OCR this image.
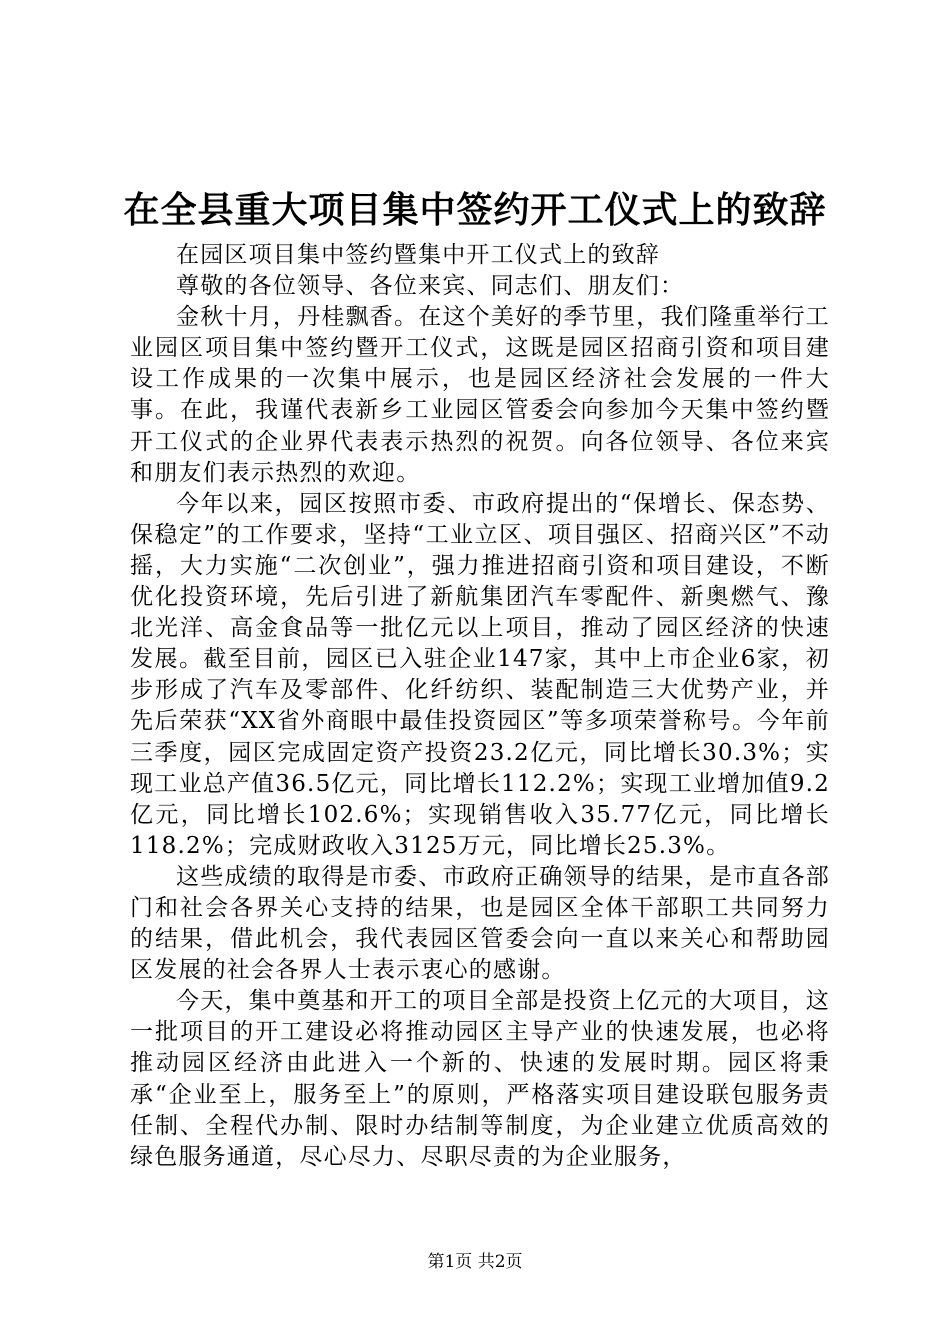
在全县重大项目集中签约开工仪式上的致辞

在园区项目集中签约暨集中开工仪式上的致辞

尊敬的各位领导、各位来宾、同志们、朋友们：

金秋十月，丹桂飘香。在这个美好的季节里，我们隆重举行工业园区项目集中签约暨开工仪式，这既是园区招商引资和项目建设工作成果的一次集中展示，也是园区经济社会发展的一件大事。在此，我谨代表新乡工业园区管委会向参加今天集中签约暨开工仪式的企业界代表表示热烈的祝贺。向各位领导、各位来宾和朋友们表示热烈的欢迎。

今年以来，园区按照市委、市政府提出的“保增长、保态势、保稳定”的工作要求，坚持“工业立区、项目强区、招商兴区”不动摇，大力实施“二次创业”，强力推进招商引资和项目建设，不断优化投资环境，先后引进了新航集团汽车零配件、新奥燃气、豫北光洋、高金食品等一批亿元以上项目，推动了园区经济的快速发展。截至目前，园区已入驻企业147家，其中上市企业6家，初步形成了汽车及零部件、化纤纺织、装配制造三大优势产业，并先后荣获“XX省外商眼中最佳投资园区”等多项荣誉称号。今年前三季度，园区完成固定资产投资23.2亿元，同比增长30.3%；实现工业总产值36.5亿元，同比增长112.2%；实现工业增加值9.2亿元，同比增长102.6%；实现销售收入35.77亿元，同比增长118.2%；完成财政收入3125万元，同比增长25.3%。

这些成绩的取得是市委、市政府正确领导的结果，是市直各部门和社会各界关心支持的结果，也是园区全体干部职工共同努力的结果，借此机会，我代表园区管委会向一直以来关心和帮助园区发展的社会各界人士表示衷心的感谢。

今天，集中奠基和开工的项目全部是投资上亿元的大项目，这一批项目的开工建设必将推动园区主导产业的快速发展，也必将推动园区经济由此进入一个新的、快速的发展时期。园区将秉承“企业至上，服务至上”的原则，严格落实项目建设联包服务责任制、全程代办制、限时办结制等制度，为企业建立优质高效的绿色服务通道，尽心尽力、尽职尽责的为企业服务，

第1页 共2页
